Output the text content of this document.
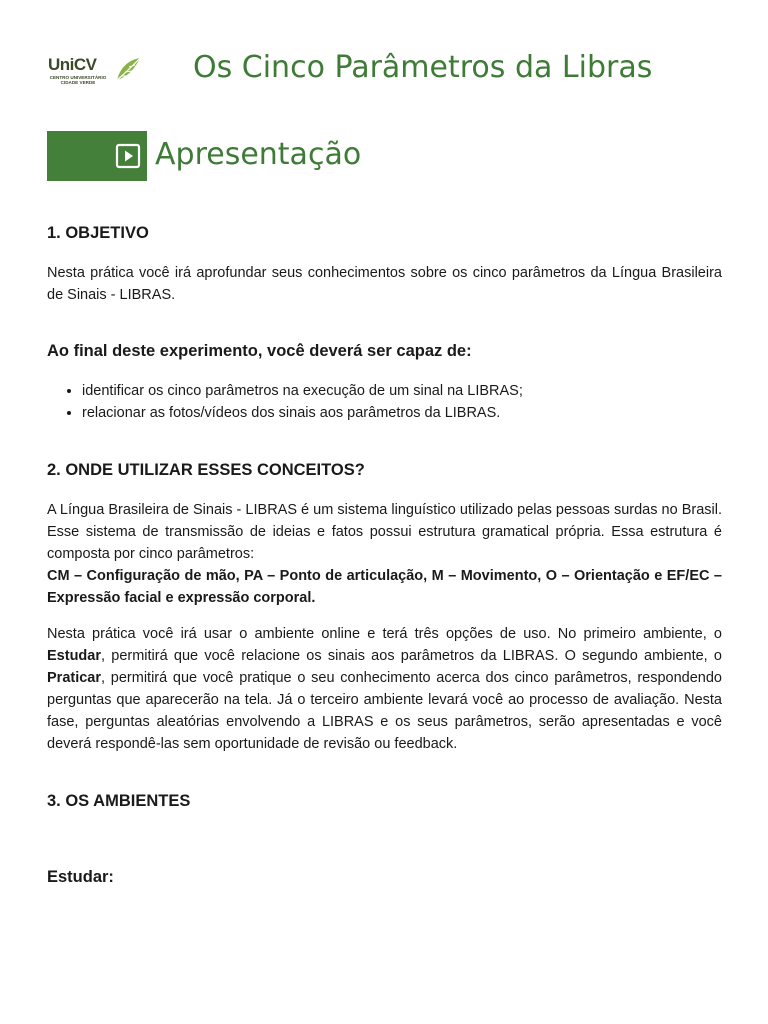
UniCV
CENTRO UNIVERSITÁRIO
CIDADE VERDE	Os Cinco Parâmetros da Libras
Apresentação
1. OBJETIVO
Nesta prática você irá aprofundar seus conhecimentos sobre os cinco parâmetros da Língua Brasileira de Sinais - LIBRAS.
Ao final deste experimento, você deverá ser capaz de:
• identificar os cinco parâmetros na execução de um sinal na LIBRAS;
• relacionar as fotos/vídeos dos sinais aos parâmetros da LIBRAS.
2. ONDE UTILIZAR ESSES CONCEITOS?
A Língua Brasileira de Sinais - LIBRAS é um sistema linguístico utilizado pelas pessoas surdas no Brasil. Esse sistema de transmissão de ideias e fatos possui estrutura gramatical própria. Essa estrutura é composta por cinco parâmetros:
CM – Configuração de mão, PA – Ponto de articulação, M – Movimento, O – Orientação e EF/EC – Expressão facial e expressão corporal.
Nesta prática você irá usar o ambiente online e terá três opções de uso. No primeiro ambiente, o Estudar, permitirá que você relacione os sinais aos parâmetros da LIBRAS. O segundo ambiente, o Praticar, permitirá que você pratique o seu conhecimento acerca dos cinco parâmetros, respondendo perguntas que aparecerão na tela. Já o terceiro ambiente levará você ao processo de avaliação. Nesta fase, perguntas aleatórias envolvendo a LIBRAS e os seus parâmetros, serão apresentadas e você deverá respondê-las sem oportunidade de revisão ou feedback.
3. OS AMBIENTES
Estudar:
